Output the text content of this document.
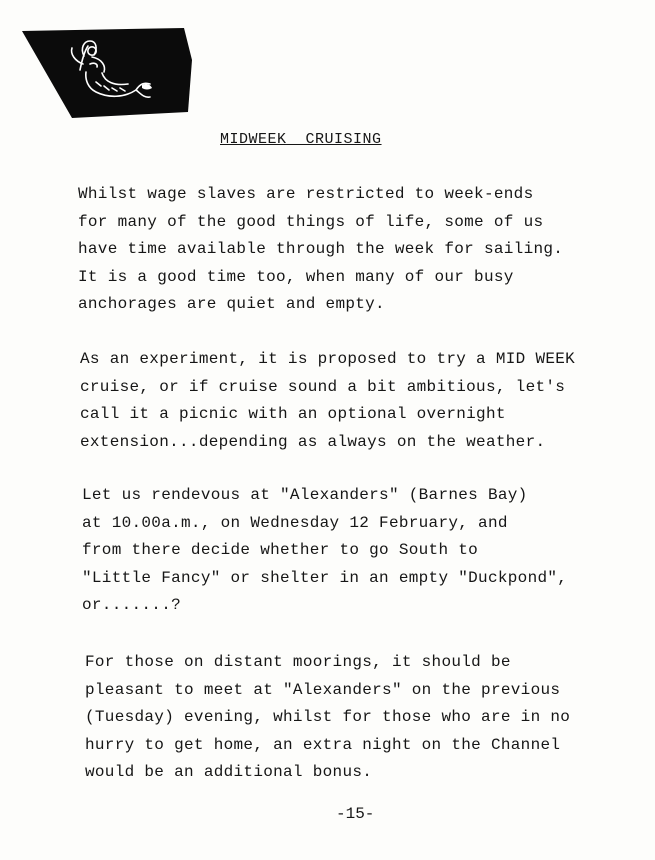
MIDWEEK  CRUISING
Whilst wage slaves are restricted to week-ends
for many of the good things of life, some of us
have time available through the week for sailing.
It is a good time too, when many of our busy
anchorages are quiet and empty.
As an experiment, it is proposed to try a MID WEEK
cruise, or if cruise sound a bit ambitious, let's
call it a picnic with an optional overnight
extension...depending as always on the weather.
Let us rendevous at "Alexanders" (Barnes Bay)
at 10.00a.m., on Wednesday 12 February, and
from there decide whether to go South to
"Little Fancy" or shelter in an empty "Duckpond",
or.......?
For those on distant moorings, it should be
pleasant to meet at "Alexanders" on the previous
(Tuesday) evening, whilst for those who are in no
hurry to get home, an extra night on the Channel
would be an additional bonus.
-15-
